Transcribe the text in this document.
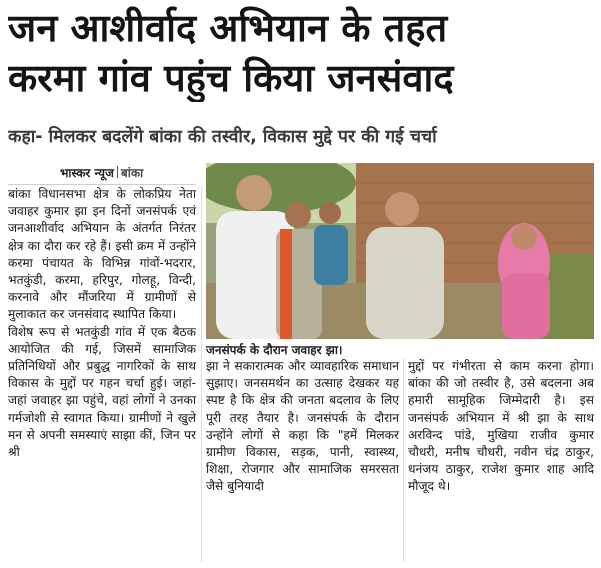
जन आशीर्वाद अभियान के तहत
करमा गांव पहुंच किया जनसंवाद
कहा- मिलकर बदलेंगे बांका की तस्वीर, विकास मुद्दे पर की गई चर्चा
भास्कर न्यूज बांका

बांका विधानसभा क्षेत्र के लोकप्रिय नेता जवाहर कुमार झा इन दिनों जनसंपर्क एवं जनआशीर्वाद अभियान के अंतर्गत निरंतर क्षेत्र का दौरा कर रहे हैं। इसी क्रम में उन्होंने करमा पंचायत के विभिन्न गांवों-भदरार, भतकुंडी, करमा, हरिपुर, गोलहू, विन्दी, करनावे और मौंजरिया में ग्रामीणों से मुलाकात कर जनसंवाद स्थापित किया।

विशेष रूप से भतकुंडी गांव में एक बैठक आयोजित की गई, जिसमें सामाजिक प्रतिनिधियों और प्रबुद्ध नागरिकों के साथ विकास के मुद्दों पर गहन चर्चा हुई। जहां-जहां जवाहर झा पहुंचे, वहां लोगों ने उनका गर्मजोशी से स्वागत किया। ग्रामीणों ने खुले मन से अपनी समस्याएं साझा कीं, जिन पर श्री

जनसंपर्क के दौरान जवाहर झा।

झा ने सकारात्मक और व्यावहारिक समाधान सुझाए। जनसमर्थन का उत्साह देखकर यह स्पष्ट है कि क्षेत्र की जनता बदलाव के लिए पूरी तरह तैयार है। जनसंपर्क के दौरान उन्होंने लोगों से कहा कि "हमें मिलकर ग्रामीण विकास, सड़क, पानी, स्वास्थ्य, शिक्षा, रोजगार और सामाजिक समरसता जैसे बुनियादी

मुद्दों पर गंभीरता से काम करना होगा। बांका की जो तस्वीर है, उसे बदलना अब हमारी सामूहिक जिम्मेदारी है। इस जनसंपर्क अभियान में श्री झा के साथ अरविन्द पांडे, मुखिया राजीव कुमार चौधरी, मनीष चौधरी, नवीन चंद्र ठाकुर, धनंजय ठाकुर, राजेश कुमार शाह आदि मौजूद थे।
